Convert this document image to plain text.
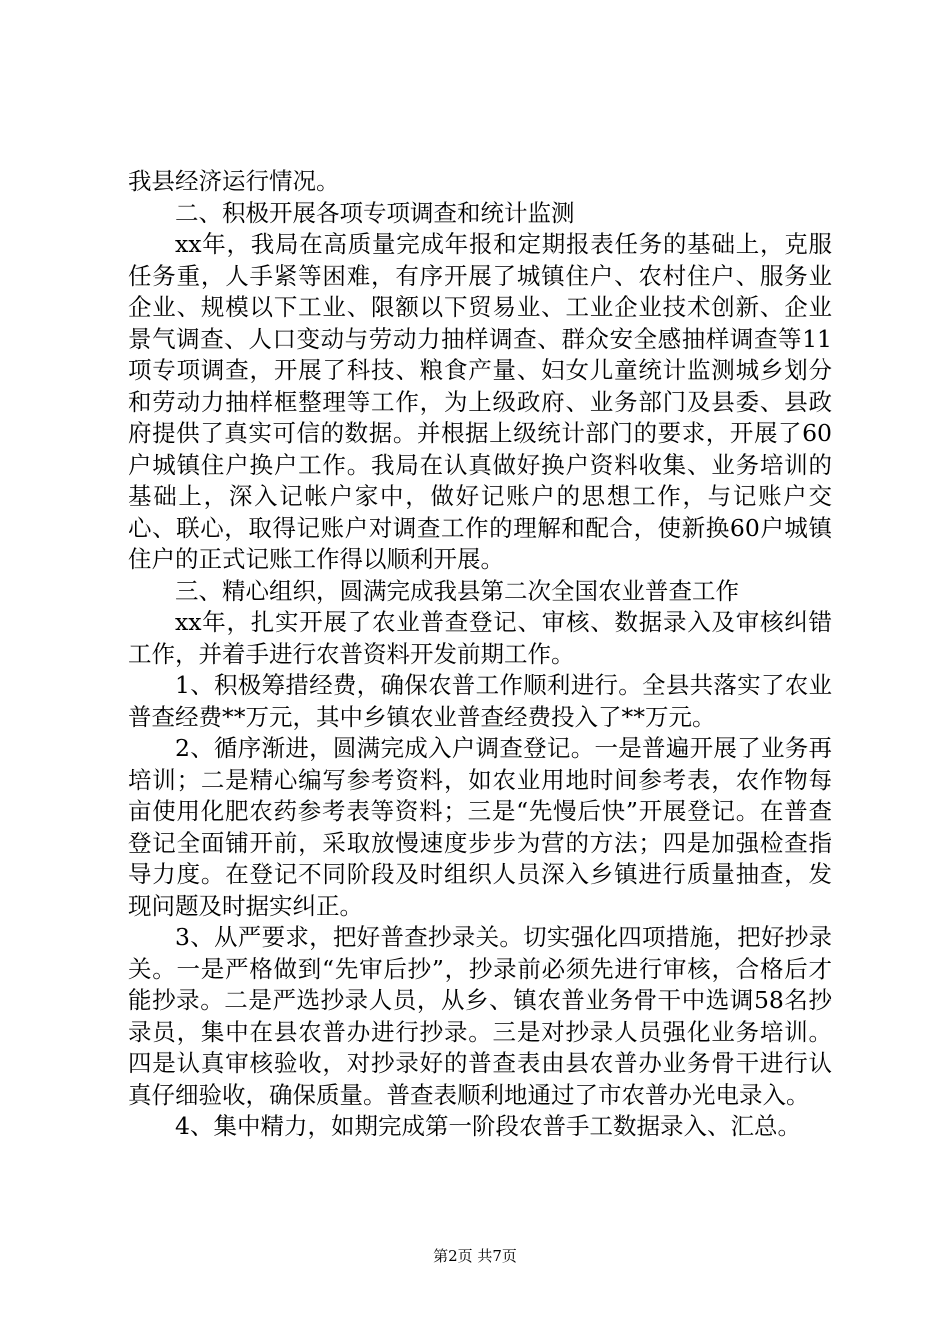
我县经济运行情况。

二、积极开展各项专项调查和统计监测

xx年，我局在高质量完成年报和定期报表任务的基础上，克服任务重，人手紧等困难，有序开展了城镇住户、农村住户、服务业企业、规模以下工业、限额以下贸易业、工业企业技术创新、企业景气调查、人口变动与劳动力抽样调查、群众安全感抽样调查等11项专项调查，开展了科技、粮食产量、妇女儿童统计监测城乡划分和劳动力抽样框整理等工作，为上级政府、业务部门及县委、县政府提供了真实可信的数据。并根据上级统计部门的要求，开展了60户城镇住户换户工作。我局在认真做好换户资料收集、业务培训的基础上，深入记帐户家中，做好记账户的思想工作，与记账户交心、联心，取得记账户对调查工作的理解和配合，使新换60户城镇住户的正式记账工作得以顺利开展。

三、精心组织，圆满完成我县第二次全国农业普查工作

xx年，扎实开展了农业普查登记、审核、数据录入及审核纠错工作，并着手进行农普资料开发前期工作。

1、积极筹措经费，确保农普工作顺利进行。全县共落实了农业普查经费**万元，其中乡镇农业普查经费投入了**万元。

2、循序渐进，圆满完成入户调查登记。一是普遍开展了业务再培训；二是精心编写参考资料，如农业用地时间参考表，农作物每亩使用化肥农药参考表等资料；三是“先慢后快”开展登记。在普查登记全面铺开前，采取放慢速度步步为营的方法；四是加强检查指导力度。在登记不同阶段及时组织人员深入乡镇进行质量抽查，发现问题及时据实纠正。

3、从严要求，把好普查抄录关。切实强化四项措施，把好抄录关。一是严格做到“先审后抄”，抄录前必须先进行审核，合格后才能抄录。二是严选抄录人员，从乡、镇农普业务骨干中选调58名抄录员，集中在县农普办进行抄录。三是对抄录人员强化业务培训。四是认真审核验收，对抄录好的普查表由县农普办业务骨干进行认真仔细验收，确保质量。普查表顺利地通过了市农普办光电录入。

4、集中精力，如期完成第一阶段农普手工数据录入、汇总。

第2页 共7页
